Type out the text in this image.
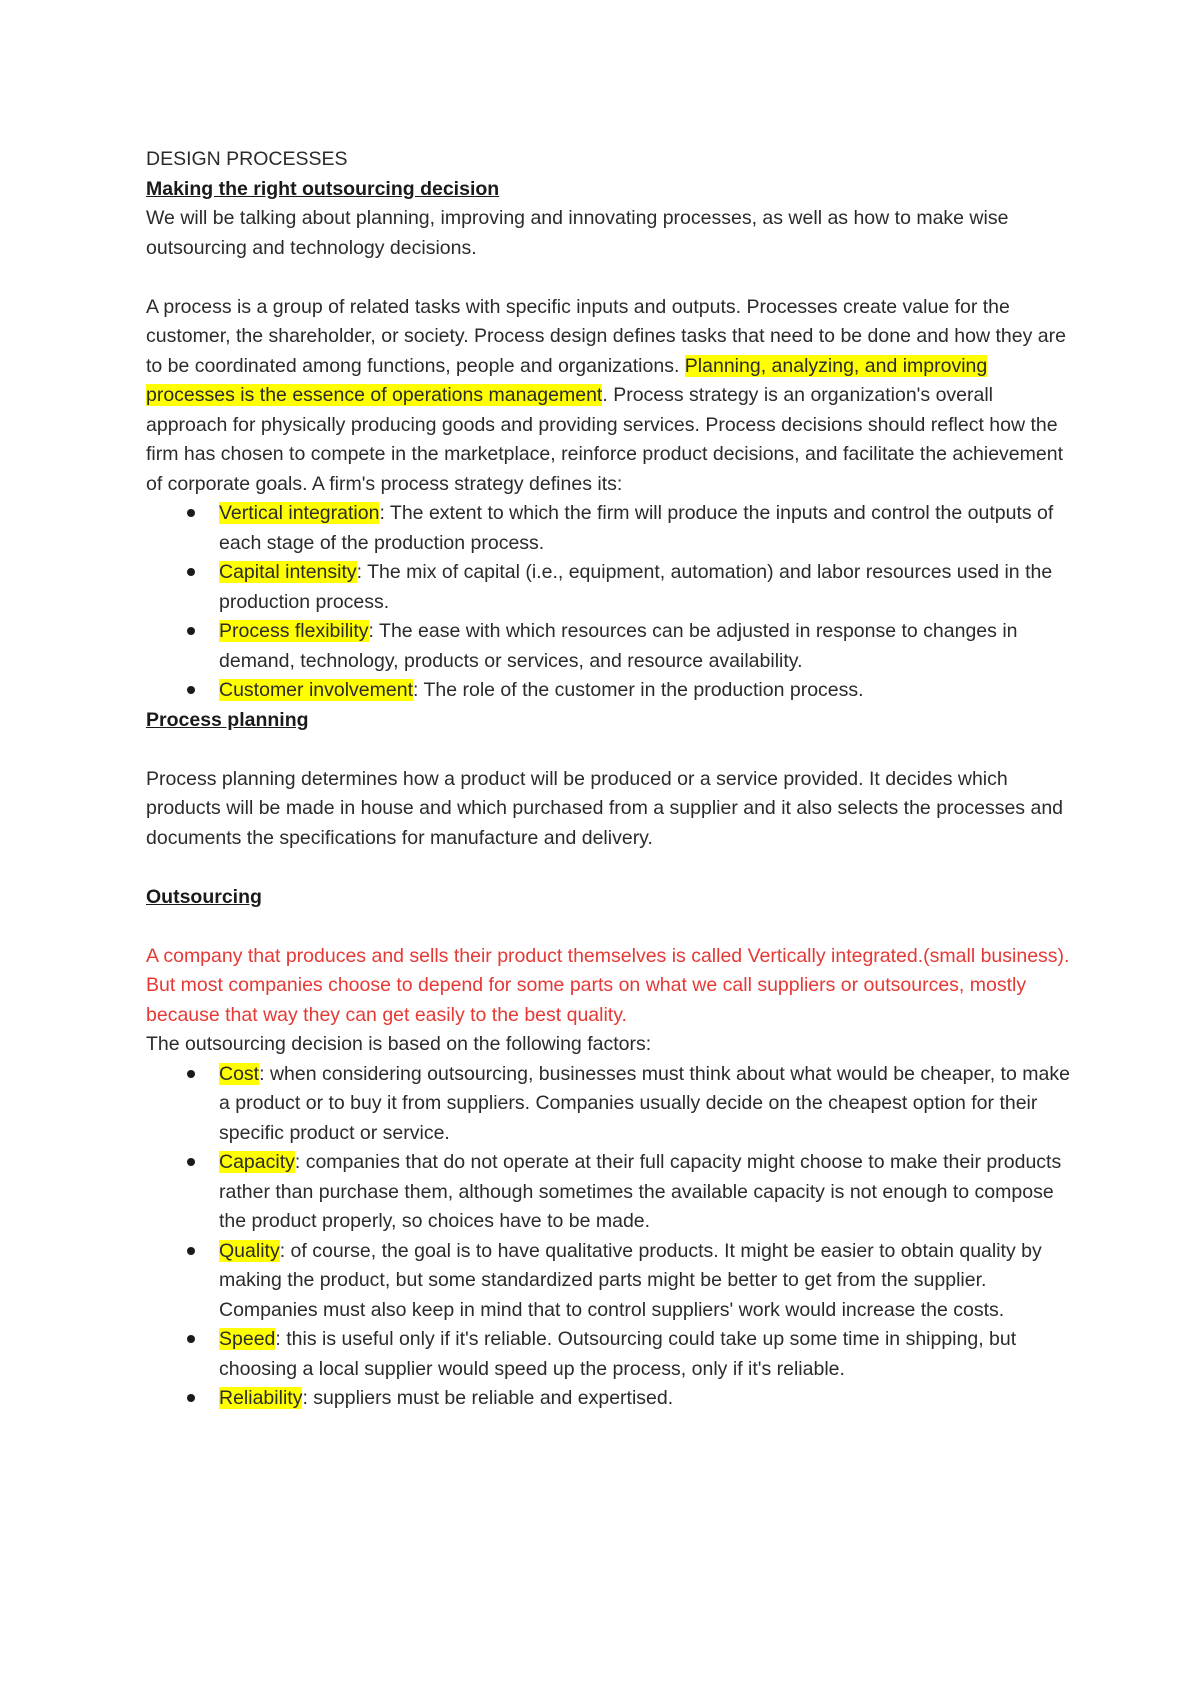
DESIGN PROCESSES

Making the right outsourcing decision

We will be talking about planning, improving and innovating processes, as well as how to make wise outsourcing and technology decisions.

A process is a group of related tasks with specific inputs and outputs. Processes create value for the customer, the shareholder, or society. Process design defines tasks that need to be done and how they are to be coordinated among functions, people and organizations. Planning, analyzing, and improving processes is the essence of operations management. Process strategy is an organization's overall approach for physically producing goods and providing services. Process decisions should reflect how the firm has chosen to compete in the marketplace, reinforce product decisions, and facilitate the achievement of corporate goals. A firm's process strategy defines its:

Vertical integration: The extent to which the firm will produce the inputs and control the outputs of each stage of the production process.
Capital intensity: The mix of capital (i.e., equipment, automation) and labor resources used in the production process.
Process flexibility: The ease with which resources can be adjusted in response to changes in demand, technology, products or services, and resource availability.
Customer involvement: The role of the customer in the production process.

Process planning

Process planning determines how a product will be produced or a service provided. It decides which products will be made in house and which purchased from a supplier and it also selects the processes and documents the specifications for manufacture and delivery.

Outsourcing

A company that produces and sells their product themselves is called Vertically integrated.(small business). But most companies choose to depend for some parts on what we call suppliers or outsources, mostly because that way they can get easily to the best quality.

The outsourcing decision is based on the following factors:

Cost: when considering outsourcing, businesses must think about what would be cheaper, to make a product or to buy it from suppliers. Companies usually decide on the cheapest option for their specific product or service.
Capacity: companies that do not operate at their full capacity might choose to make their products rather than purchase them, although sometimes the available capacity is not enough to compose the product properly, so choices have to be made.
Quality: of course, the goal is to have qualitative products. It might be easier to obtain quality by making the product, but some standardized parts might be better to get from the supplier. Companies must also keep in mind that to control suppliers' work would increase the costs.
Speed: this is useful only if it's reliable. Outsourcing could take up some time in shipping, but choosing a local supplier would speed up the process, only if it's reliable.
Reliability: suppliers must be reliable and expertised.
